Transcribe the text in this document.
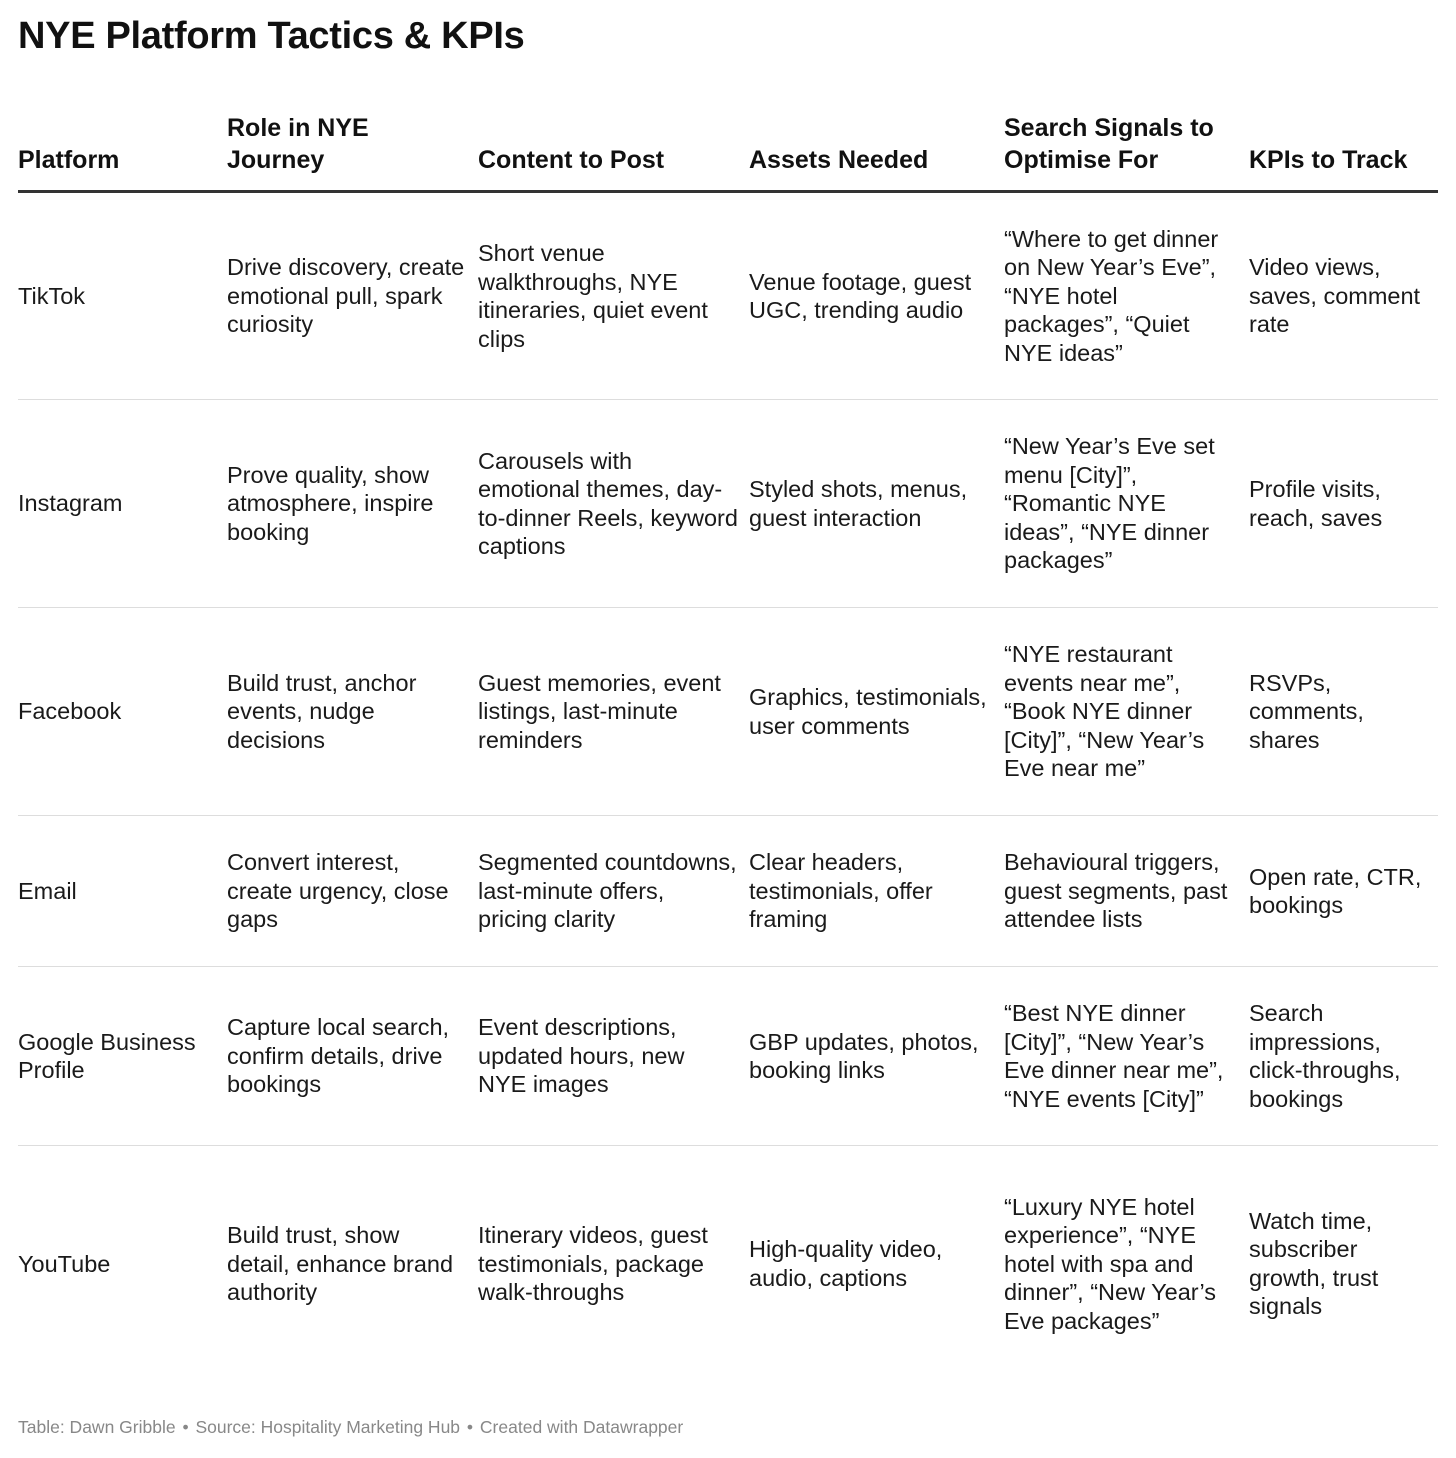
NYE Platform Tactics & KPIs
Platform	Role in NYE Journey	Content to Post	Assets Needed	Search Signals to Optimise For	KPIs to Track
TikTok	Drive discovery, create emotional pull, spark curiosity	Short venue walkthroughs, NYE itineraries, quiet event clips	Venue footage, guest UGC, trending audio	“Where to get dinner on New Year’s Eve”, “NYE hotel packages”, “Quiet NYE ideas”	Video views, saves, comment rate
Instagram	Prove quality, show atmosphere, inspire booking	Carousels with emotional themes, day-to-dinner Reels, keyword captions	Styled shots, menus, guest interaction	“New Year’s Eve set menu [City]”, “Romantic NYE ideas”, “NYE dinner packages”	Profile visits, reach, saves
Facebook	Build trust, anchor events, nudge decisions	Guest memories, event listings, last-minute reminders	Graphics, testimonials, user comments	“NYE restaurant events near me”, “Book NYE dinner [City]”, “New Year’s Eve near me”	RSVPs, comments, shares
Email	Convert interest, create urgency, close gaps	Segmented countdowns, last-minute offers, pricing clarity	Clear headers, testimonials, offer framing	Behavioural triggers, guest segments, past attendee lists	Open rate, CTR, bookings
Google Business Profile	Capture local search, confirm details, drive bookings	Event descriptions, updated hours, new NYE images	GBP updates, photos, booking links	“Best NYE dinner [City]”, “New Year’s Eve dinner near me”, “NYE events [City]”	Search impressions, click-throughs, bookings
YouTube	Build trust, show detail, enhance brand authority	Itinerary videos, guest testimonials, package walk-throughs	High-quality video, audio, captions	“Luxury NYE hotel experience”, “NYE hotel with spa and dinner”, “New Year’s Eve packages”	Watch time, subscriber growth, trust signals

Table: Dawn Gribble • Source: Hospitality Marketing Hub • Created with Datawrapper
